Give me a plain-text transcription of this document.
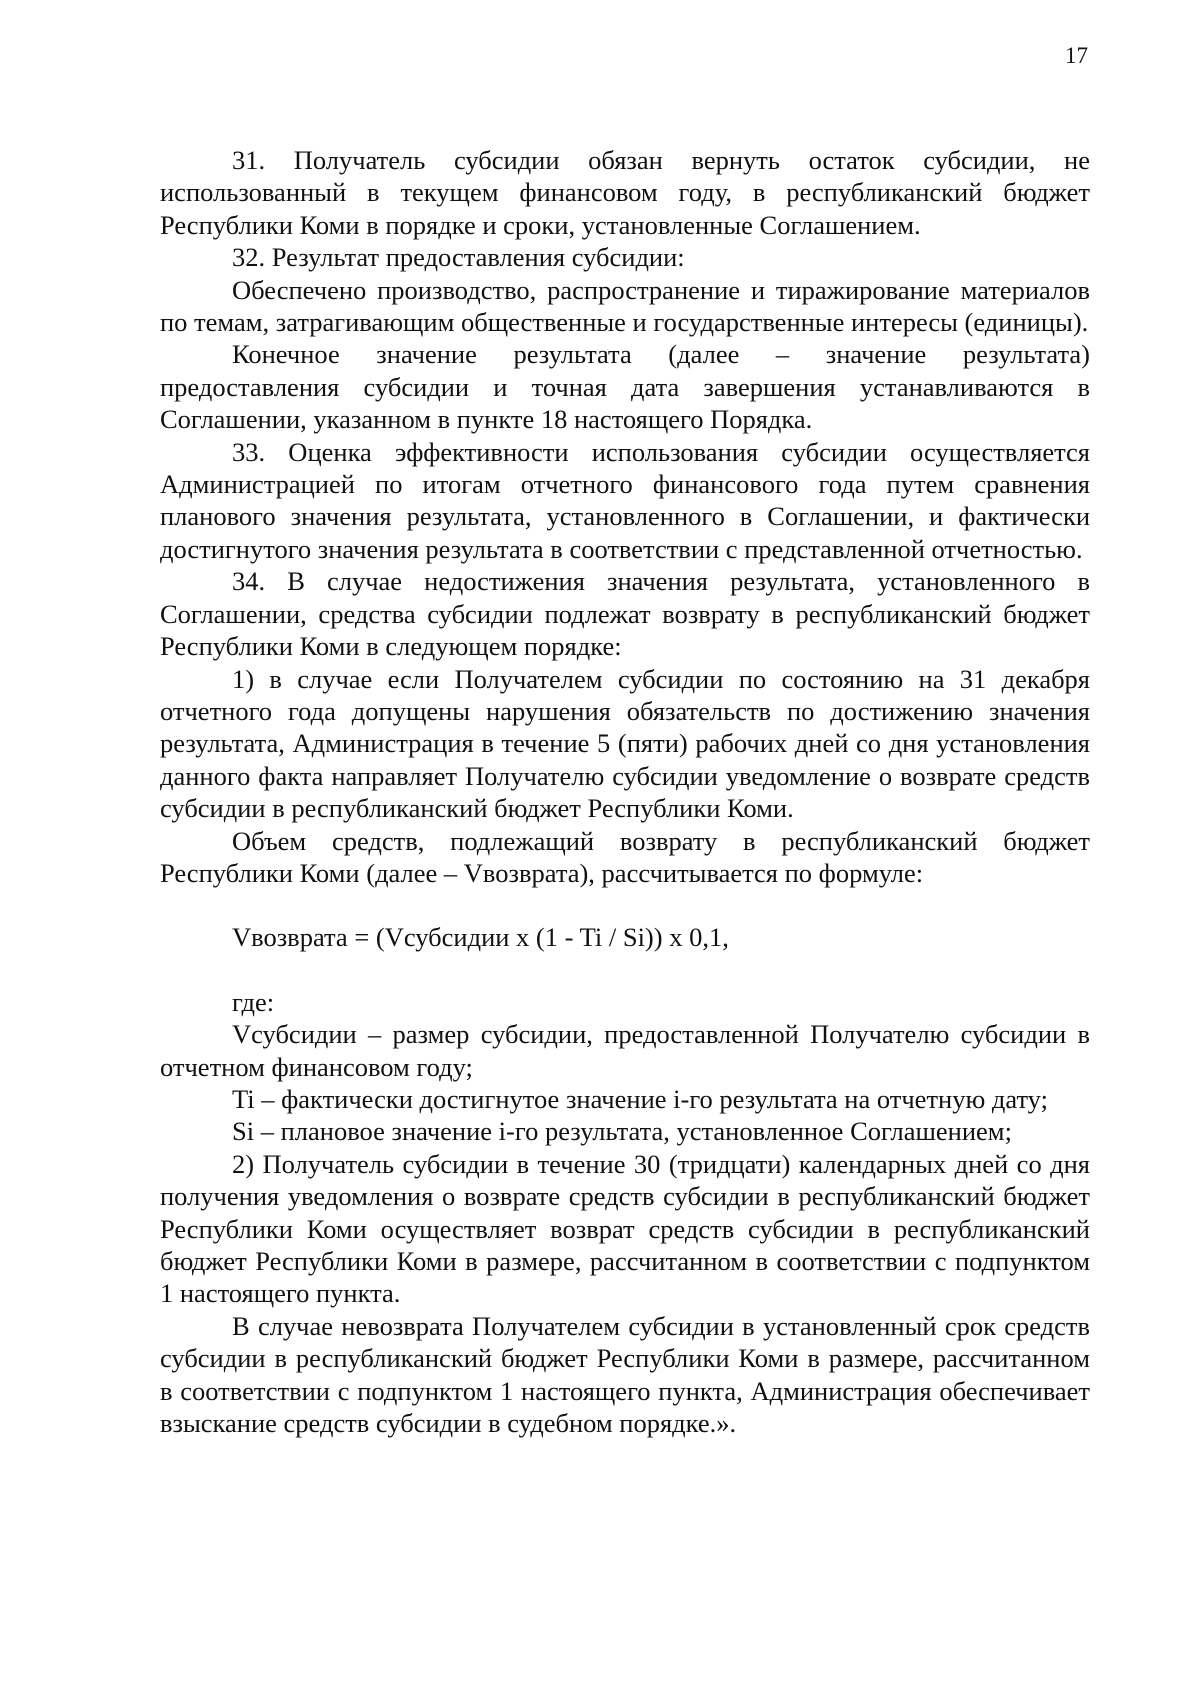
17

31. Получатель субсидии обязан вернуть остаток субсидии, не использованный в текущем финансовом году, в республиканский бюджет Республики Коми в порядке и сроки, установленные Соглашением.

32. Результат предоставления субсидии:

Обеспечено производство, распространение и тиражирование материалов по темам, затрагивающим общественные и государственные интересы (единицы).

Конечное значение результата (далее – значение результата) предоставления субсидии и точная дата завершения устанавливаются в Соглашении, указанном в пункте 18 настоящего Порядка.

33. Оценка эффективности использования субсидии осуществляется Администрацией по итогам отчетного финансового года путем сравнения планового значения результата, установленного в Соглашении, и фактически достигнутого значения результата в соответствии с представленной отчетностью.

34. В случае недостижения значения результата, установленного в Соглашении, средства субсидии подлежат возврату в республиканский бюджет Республики Коми в следующем порядке:

1) в случае если Получателем субсидии по состоянию на 31 декабря отчетного года допущены нарушения обязательств по достижению значения результата, Администрация в течение 5 (пяти) рабочих дней со дня установления данного факта направляет Получателю субсидии уведомление о возврате средств субсидии в республиканский бюджет Республики Коми.

Объем средств, подлежащий возврату в республиканский бюджет Республики Коми (далее – Vвозврата), рассчитывается по формуле:

Vвозврата = (Vсубсидии x (1 - Ti / Si)) x 0,1,

где:

Vсубсидии – размер субсидии, предоставленной Получателю субсидии в отчетном финансовом году;

Ti – фактически достигнутое значение i-го результата на отчетную дату;

Si – плановое значение i-го результата, установленное Соглашением;

2) Получатель субсидии в течение 30 (тридцати) календарных дней со дня получения уведомления о возврате средств субсидии в республиканский бюджет Республики Коми осуществляет возврат средств субсидии в республиканский бюджет Республики Коми в размере, рассчитанном в соответствии с подпунктом 1 настоящего пункта.

В случае невозврата Получателем субсидии в установленный срок средств субсидии в республиканский бюджет Республики Коми в размере, рассчитанном в соответствии с подпунктом 1 настоящего пункта, Администрация обеспечивает взыскание средств субсидии в судебном порядке.».
